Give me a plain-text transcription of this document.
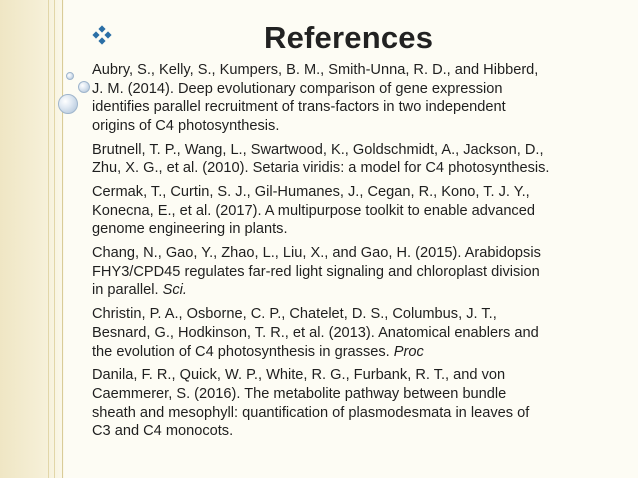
References

Aubry, S., Kelly, S., Kumpers, B. M., Smith-Unna, R. D., and Hibberd,
J. M. (2014). Deep evolutionary comparison of gene expression
identifies parallel recruitment of trans-factors in two independent
origins of C4 photosynthesis.

Brutnell, T. P., Wang, L., Swartwood, K., Goldschmidt, A., Jackson, D.,
Zhu, X. G., et al. (2010). Setaria viridis: a model for C4 photosynthesis.

Cermak, T., Curtin, S. J., Gil-Humanes, J., Cegan, R., Kono, T. J. Y.,
Konecna, E., et al. (2017). A multipurpose toolkit to enable advanced
genome engineering in plants.

Chang, N., Gao, Y., Zhao, L., Liu, X., and Gao, H. (2015). Arabidopsis
FHY3/CPD45 regulates far-red light signaling and chloroplast division
in parallel. Sci.

Christin, P. A., Osborne, C. P., Chatelet, D. S., Columbus, J. T.,
Besnard, G., Hodkinson, T. R., et al. (2013). Anatomical enablers and
the evolution of C4 photosynthesis in grasses. Proc

Danila, F. R., Quick, W. P., White, R. G., Furbank, R. T., and von
Caemmerer, S. (2016). The metabolite pathway between bundle
sheath and mesophyll: quantification of plasmodesmata in leaves of
C3 and C4 monocots.
